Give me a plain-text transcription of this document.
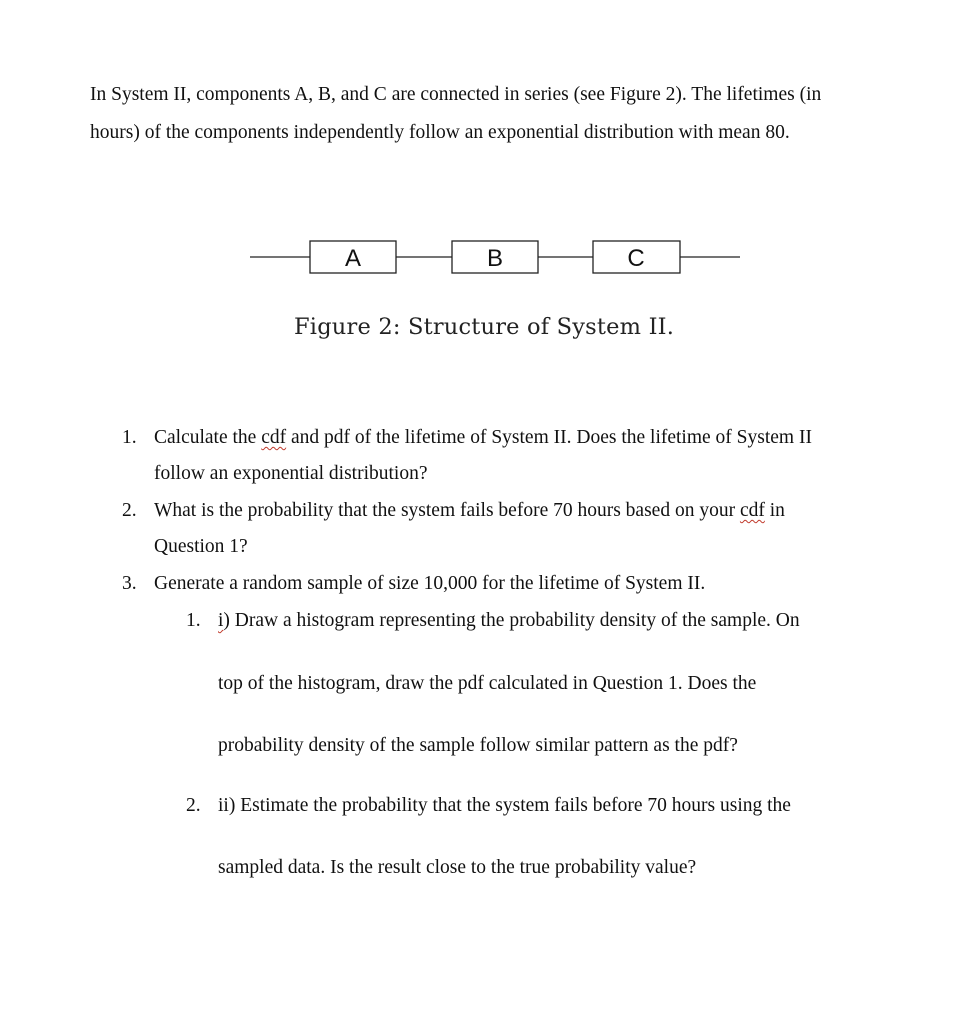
In System II, components A, B, and C are connected in series (see Figure 2). The lifetimes (in
hours) of the components independently follow an exponential distribution with mean 80.

A	B	C
Figure 2: Structure of System II.
1. Calculate the cdf and pdf of the lifetime of System II. Does the lifetime of System II
follow an exponential distribution?
2. What is the probability that the system fails before 70 hours based on your cdf in
Question 1?
3. Generate a random sample of size 10,000 for the lifetime of System II.
1. i) Draw a histogram representing the probability density of the sample. On
top of the histogram, draw the pdf calculated in Question 1. Does the
probability density of the sample follow similar pattern as the pdf?
2. ii) Estimate the probability that the system fails before 70 hours using the
sampled data. Is the result close to the true probability value?
